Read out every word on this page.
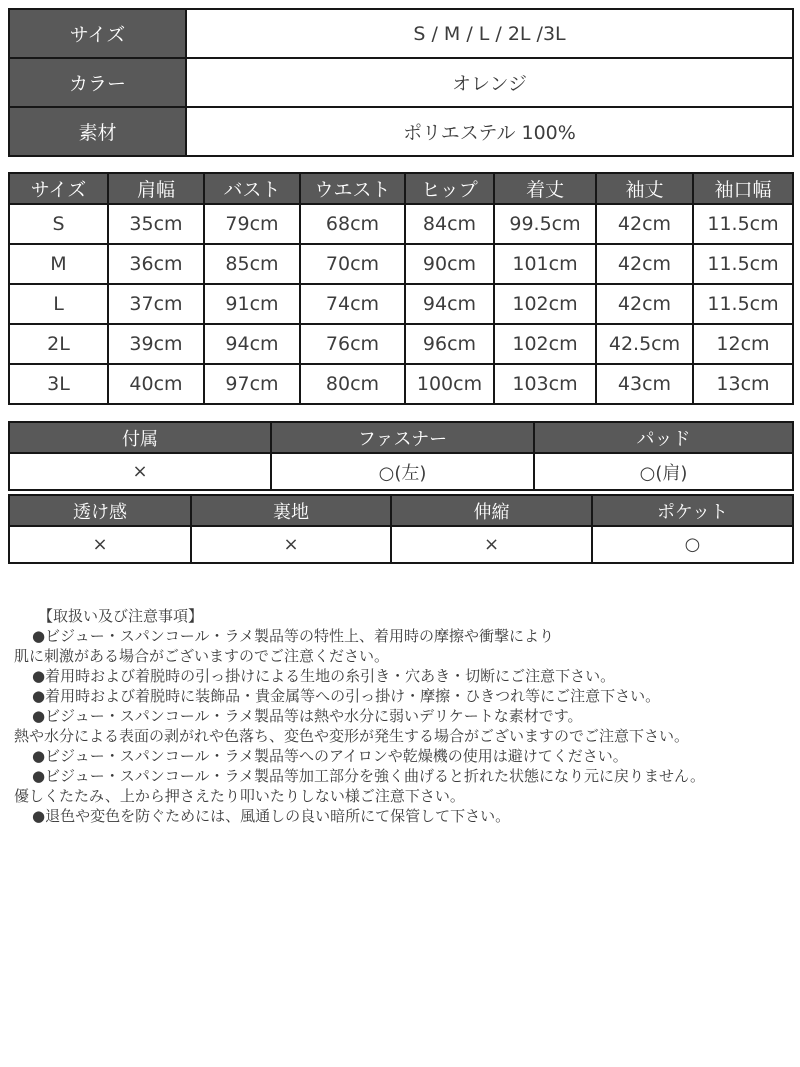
サイズ	S / M / L / 2L /3L
カラー	オレンジ
素材	ポリエステル 100%
サイズ	肩幅	バスト	ウエスト	ヒップ	着丈	袖丈	袖口幅
S	35cm	79cm	68cm	84cm	99.5cm	42cm	11.5cm
M	36cm	85cm	70cm	90cm	101cm	42cm	11.5cm
L	37cm	91cm	74cm	94cm	102cm	42cm	11.5cm
2L	39cm	94cm	76cm	96cm	102cm	42.5cm	12cm
3L	40cm	97cm	80cm	100cm	103cm	43cm	13cm
付属	ファスナー	パッド
×	○(左)	○(肩)
透け感	裏地	伸縮	ポケット
×	×	×	○
【取扱い及び注意事項】
●ビジュー・スパンコール・ラメ製品等の特性上、着用時の摩擦や衝撃により
肌に刺激がある場合がございますのでご注意ください。
●着用時および着脱時の引っ掛けによる生地の糸引き・穴あき・切断にご注意下さい。
●着用時および着脱時に装飾品・貴金属等への引っ掛け・摩擦・ひきつれ等にご注意下さい。
●ビジュー・スパンコール・ラメ製品等は熱や水分に弱いデリケートな素材です。
熱や水分による表面の剥がれや色落ち、変色や変形が発生する場合がございますのでご注意下さい。
●ビジュー・スパンコール・ラメ製品等へのアイロンや乾燥機の使用は避けてください。
●ビジュー・スパンコール・ラメ製品等加工部分を強く曲げると折れた状態になり元に戻りません。
優しくたたみ、上から押さえたり叩いたりしない様ご注意下さい。
●退色や変色を防ぐためには、風通しの良い暗所にて保管して下さい。
